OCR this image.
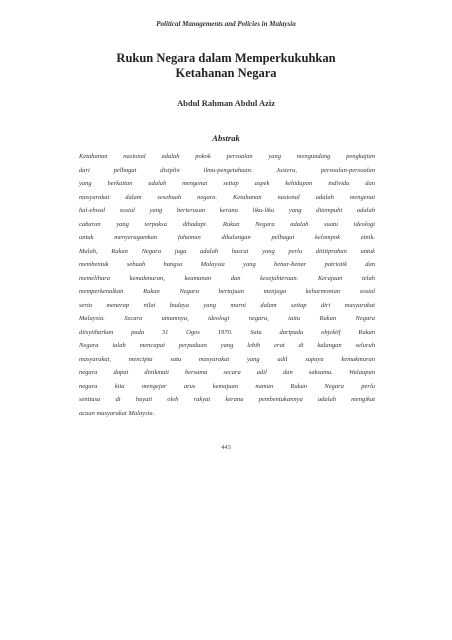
Political Managements and Policies in Malaysia
Rukun Negara dalam Memperkukuhkan
Ketahanan Negara
Abdul Rahman Abdul Aziz
Abstrak
Ketahanan nasional adalah pokok persoalan yang mengundang pengkajian
dari pelbagai disiplin ilmu-pengetahuan. Justeru, persoalan-persoalan
yang berkaitan adalah mengenai setiap aspek kehidupan individu dan
masyarakat dalam sesebuah negara. Ketahanan nasional adalah mengenai
hal-ehwal sosial yang berterusan kerana liku-liku yang ditempuhi adalah
cabaran yang terpaksa dihadapi. Rukun Negara adalah suatu ideologi
untuk menyeragamkan fahaman dikalangan pelbagai kelompok etnik.
Malah, Rukun Negara juga adalah hasrat yang perlu dititiprahan untuk
membentuk sebuah bangsa Malaysia yang benar-benar patriotik dan
memelihara kemakmuran, keamanan dan kesejahteraan. Kerajaan telah
memperkenalkan Rukun Negara bertujuan menjaga keharmonian sosial
serta menerap nilai budaya yang murni dalam setiap diri masyarakat
Malaysia. Secara umumnya, ideologi negara, iaitu Rukun Negara
diisytiharkan pada 31 Ogos 1970. Satu daripada objektif Rukun
Negara ialah mencapai perpaduan yang lebih erat di kalangan seluruh
masyarakat, mencipta satu masyarakat yang adil supaya kemakmuran
negara dapat dinikmati bersama secara adil dan saksama. Walaupun
negara kita mengejar arus kemajuan namun Rukun Negara perlu
sentiasa di hayati oleh rakyat kerana pembentukannya adalah mengikut
acuan masyarakat Malaysia.
443
